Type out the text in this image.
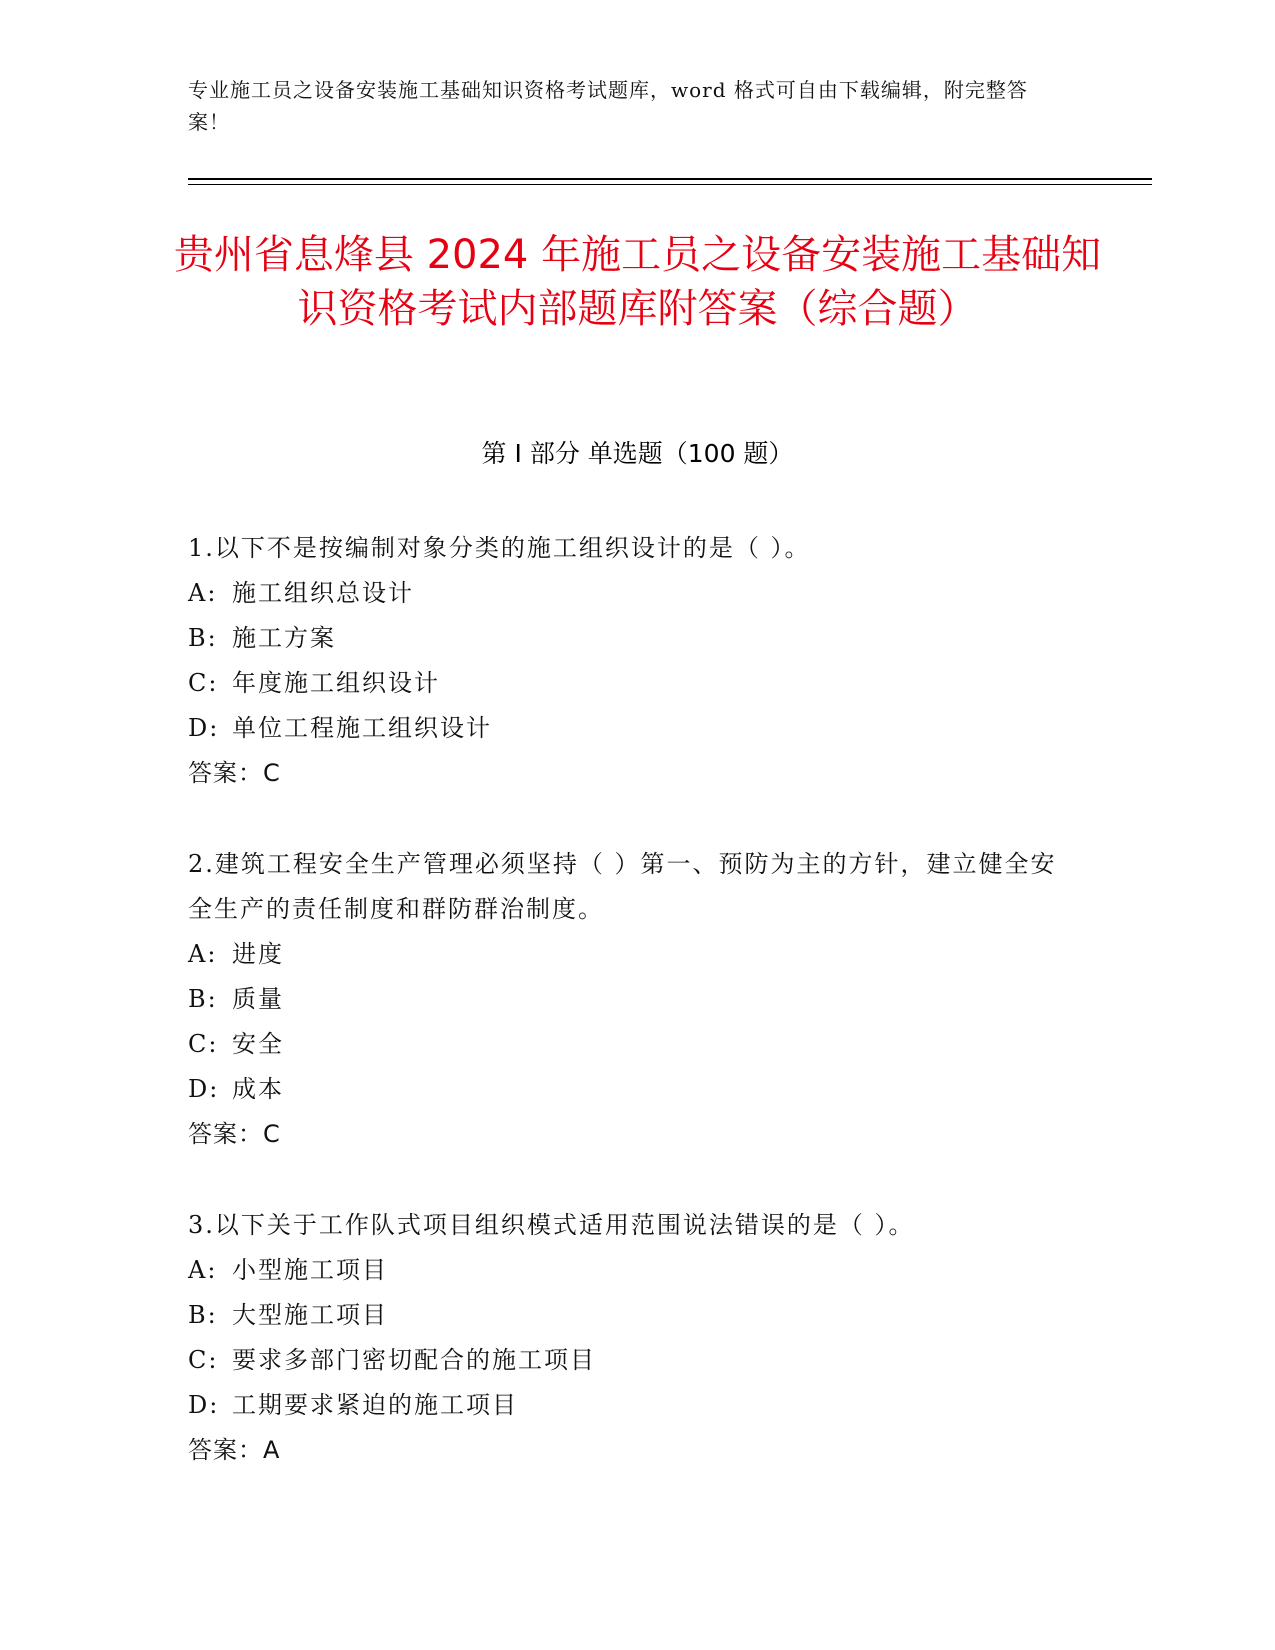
专业施工员之设备安装施工基础知识资格考试题库，word 格式可自由下载编辑，附完整答案！
贵州省息烽县 2024 年施工员之设备安装施工基础知识资格考试内部题库附答案（综合题）
第 I 部分 单选题（100 题）

1.以下不是按编制对象分类的施工组织设计的是（ ）。

A: 施工组织总设计

B: 施工方案

C: 年度施工组织设计

D: 单位工程施工组织设计

答案：C

2.建筑工程安全生产管理必须坚持（ ）第一、预防为主的方针，建立健全安全生产的责任制度和群防群治制度。

A: 进度

B: 质量

C: 安全

D: 成本

答案：C

3.以下关于工作队式项目组织模式适用范围说法错误的是（ ）。

A: 小型施工项目

B: 大型施工项目

C: 要求多部门密切配合的施工项目

D: 工期要求紧迫的施工项目

答案：A
